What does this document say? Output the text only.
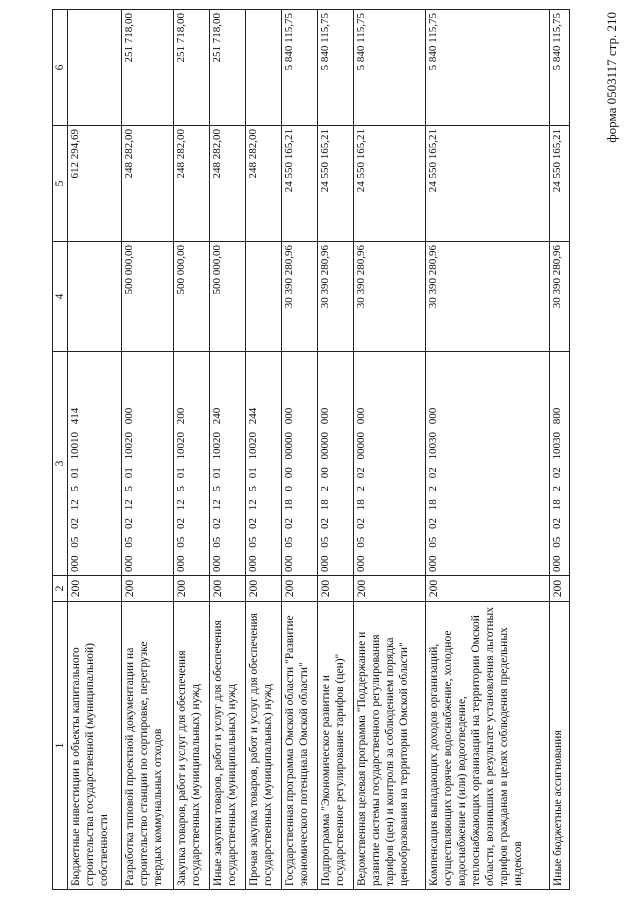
форма 0503117 стр. 210
1	2	3	4	5	6
Бюджетные инвестиции в объекты капитального строительства государственной (муниципальной) собственности	200	000 05 02 12 5 01 10010 414		612 294,69	
Разработка типовой проектной документации на строительство станции по сортировке, перегрузке твердых коммунальных отходов	200	000 05 02 12 5 01 10020 000	500 000,00	248 282,00	251 718,00
Закупка товаров, работ и услуг для обеспечения государственных (муниципальных) нужд	200	000 05 02 12 5 01 10020 200	500 000,00	248 282,00	251 718,00
Иные закупки товаров, работ и услуг для обеспечения государственных (муниципальных) нужд	200	000 05 02 12 5 01 10020 240	500 000,00	248 282,00	251 718,00
Прочая закупка товаров, работ и услуг для обеспечения государственных (муниципальных) нужд	200	000 05 02 12 5 01 10020 244		248 282,00	
Государственная программа Омской области "Развитие экономического потенциала Омской области"	200	000 05 02 18 0 00 00000 000	30 390 280,96	24 550 165,21	5 840 115,75
Подпрограмма "Экономическое развитие и государственное регулирование тарифов (цен)"	200	000 05 02 18 2 00 00000 000	30 390 280,96	24 550 165,21	5 840 115,75
Ведомственная целевая программа "Поддержание и развитие системы государственного регулирования тарифов (цен) и контроля за соблюдением порядка ценообразования на территории Омской области"	200	000 05 02 18 2 02 00000 000	30 390 280,96	24 550 165,21	5 840 115,75
Компенсация выпадающих доходов организаций, осуществляющих горячее водоснабжение, холодное водоснабжение и (или) водоотведение, теплоснабжающих организаций на территории Омской области, возникших в результате установления льготных тарифов гражданам в целях соблюдения предельных индексов	200	000 05 02 18 2 02 10030 000	30 390 280,96	24 550 165,21	5 840 115,75
Иные бюджетные ассигнования	200	000 05 02 18 2 02 10030 800	30 390 280,96	24 550 165,21	5 840 115,75
